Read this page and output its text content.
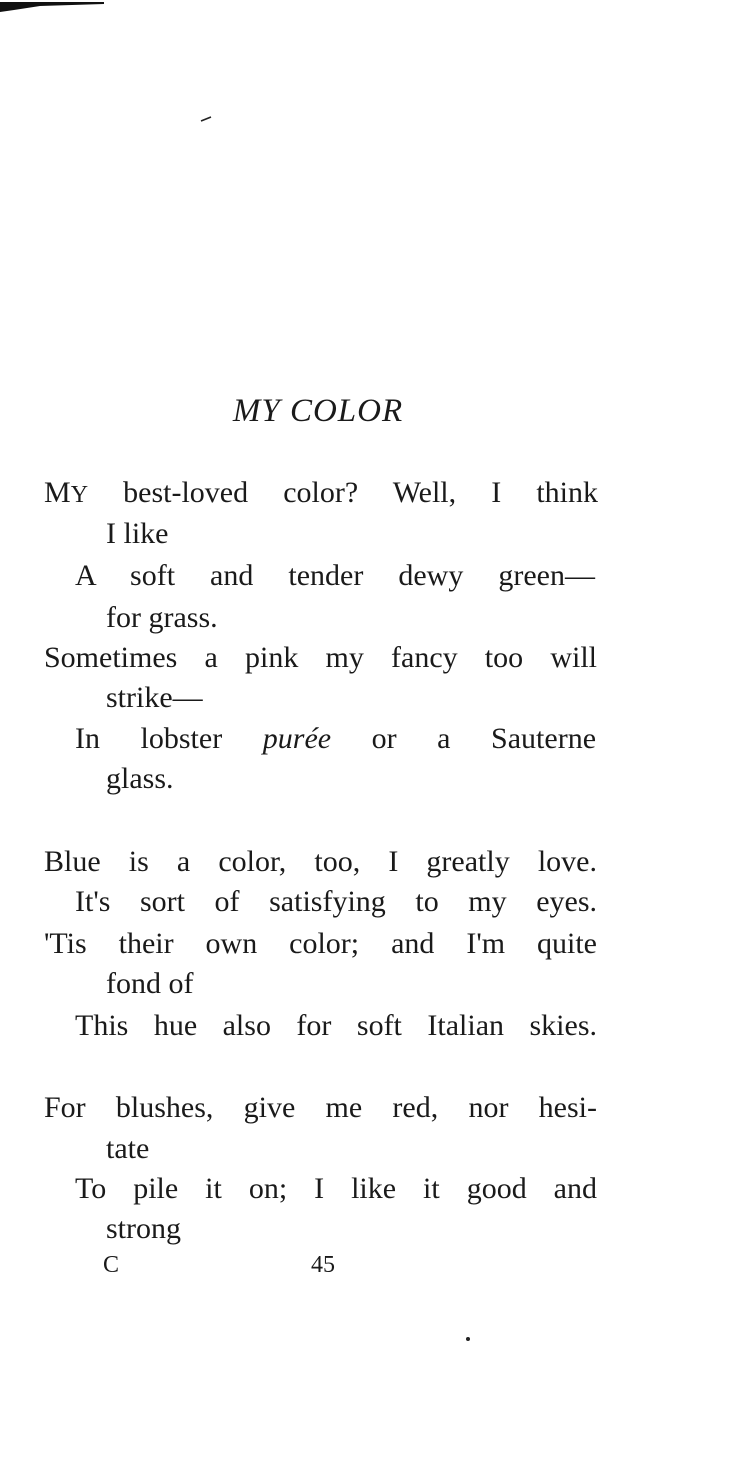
MY COLOR

MY best-loved color? Well, I think

I like

A soft and tender dewy green—

for grass.

Sometimes a pink my fancy too will

strike—

In lobster purée or a Sauterne

glass.

Blue is a color, too, I greatly love.

It's sort of satisfying to my eyes.

'Tis their own color; and I'm quite

fond of

This hue also for soft Italian skies.

For blushes, give me red, nor hesi-

tate

To pile it on; I like it good and

strong

C	45
